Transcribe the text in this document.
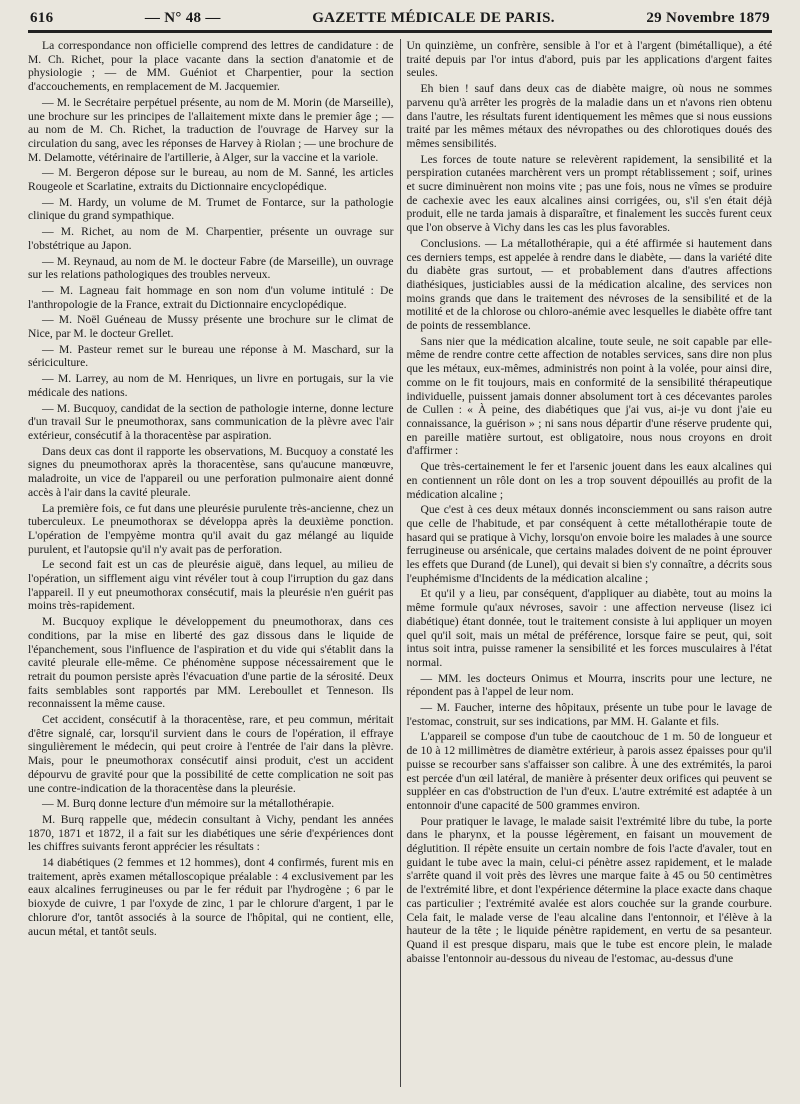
616	— N° 48 —	GAZETTE MÉDICALE DE PARIS.	29 Novembre 1879

La correspondance non officielle comprend des lettres de candidature : de M. Ch. Richet, pour la place vacante dans la section d'anatomie et de physiologie ; — de MM. Guéniot et Charpentier, pour la section d'accouchements, en remplacement de M. Jacquemier.

— M. le Secrétaire perpétuel présente, au nom de M. Morin (de Marseille), une brochure sur les principes de l'allaitement mixte dans le premier âge ; — au nom de M. Ch. Richet, la traduction de l'ouvrage de Harvey sur la circulation du sang, avec les réponses de Harvey à Riolan ; — une brochure de M. Delamotte, vétérinaire de l'artillerie, à Alger, sur la vaccine et la variole.

— M. Bergeron dépose sur le bureau, au nom de M. Sanné, les articles Rougeole et Scarlatine, extraits du Dictionnaire encyclopédique.

— M. Hardy, un volume de M. Trumet de Fontarce, sur la pathologie clinique du grand sympathique.

— M. Richet, au nom de M. Charpentier, présente un ouvrage sur l'obstétrique au Japon.

— M. Reynaud, au nom de M. le docteur Fabre (de Marseille), un ouvrage sur les relations pathologiques des troubles nerveux.

— M. Lagneau fait hommage en son nom d'un volume intitulé : De l'anthropologie de la France, extrait du Dictionnaire encyclopédique.

— M. Noël Guéneau de Mussy présente une brochure sur le climat de Nice, par M. le docteur Grellet.

— M. Pasteur remet sur le bureau une réponse à M. Maschard, sur la sériciculture.

— M. Larrey, au nom de M. Henriques, un livre en portugais, sur la vie médicale des nations.

— M. Bucquoy, candidat de la section de pathologie interne, donne lecture d'un travail Sur le pneumothorax, sans communication de la plèvre avec l'air extérieur, consécutif à la thoracentèse par aspiration.

Dans deux cas dont il rapporte les observations, M. Bucquoy a constaté les signes du pneumothorax après la thoracentèse, sans qu'aucune manœuvre, maladroite, un vice de l'appareil ou une perforation pulmonaire aient donné accès à l'air dans la cavité pleurale.

La première fois, ce fut dans une pleurésie purulente très-ancienne, chez un tuberculeux. Le pneumothorax se développa après la deuxième ponction. L'opération de l'empyème montra qu'il avait du gaz mélangé au liquide purulent, et l'autopsie qu'il n'y avait pas de perforation.

Le second fait est un cas de pleurésie aiguë, dans lequel, au milieu de l'opération, un sifflement aigu vint révéler tout à coup l'irruption du gaz dans l'appareil. Il y eut pneumothorax consécutif, mais la pleurésie n'en guérit pas moins très-rapidement.

M. Bucquoy explique le développement du pneumothorax, dans ces conditions, par la mise en liberté des gaz dissous dans le liquide de l'épanchement, sous l'influence de l'aspiration et du vide qui s'établit dans la cavité pleurale elle-même. Ce phénomène suppose nécessairement que le retrait du poumon persiste après l'évacuation d'une partie de la sérosité. Deux faits semblables sont rapportés par MM. Lereboullet et Tenneson. Ils reconnaissent la même cause.

Cet accident, consécutif à la thoracentèse, rare, et peu commun, méritait d'être signalé, car, lorsqu'il survient dans le cours de l'opération, il effraye singulièrement le médecin, qui peut croire à l'entrée de l'air dans la plèvre. Mais, pour le pneumothorax consécutif ainsi produit, c'est un accident dépourvu de gravité pour que la possibilité de cette complication ne soit pas une contre-indication de la thoracentèse dans la pleurésie.

— M. Burq donne lecture d'un mémoire sur la métallothérapie.

M. Burq rappelle que, médecin consultant à Vichy, pendant les années 1870, 1871 et 1872, il a fait sur les diabétiques une série d'expériences dont les chiffres suivants feront apprécier les résultats :

14 diabétiques (2 femmes et 12 hommes), dont 4 confirmés, furent mis en traitement, après examen métalloscopique préalable : 4 exclusivement par les eaux alcalines ferrugineuses ou par le fer réduit par l'hydrogène ; 6 par le bioxyde de cuivre, 1 par l'oxyde de zinc, 1 par le chlorure d'argent, 1 par le chlorure d'or, tantôt associés à la source de l'hôpital, qui ne contient, elle, aucun métal, et tantôt seuls.

Un quinzième, un confrère, sensible à l'or et à l'argent (bimétallique), a été traité depuis par l'or intus d'abord, puis par les applications d'argent faites seules.

Eh bien ! sauf dans deux cas de diabète maigre, où nous ne sommes parvenu qu'à arrêter les progrès de la maladie dans un et n'avons rien obtenu dans l'autre, les résultats furent identiquement les mêmes que si nous eussions traité par les mêmes métaux des névropathes ou des chlorotiques doués des mêmes sensibilités.

Les forces de toute nature se relevèrent rapidement, la sensibilité et la perspiration cutanées marchèrent vers un prompt rétablissement ; soif, urines et sucre diminuèrent non moins vite ; pas une fois, nous ne vîmes se produire de cachexie avec les eaux alcalines ainsi corrigées, ou, s'il s'en était déjà produit, elle ne tarda jamais à disparaître, et finalement les succès furent ceux que l'on observe à Vichy dans les cas les plus favorables.

Conclusions. — La métallothérapie, qui a été affirmée si hautement dans ces derniers temps, est appelée à rendre dans le diabète, — dans la variété dite du diabète gras surtout, — et probablement dans d'autres affections diathésiques, justiciables aussi de la médication alcaline, des services non moins grands que dans le traitement des névroses de la sensibilité et de la motilité et de la chlorose ou chloro-anémie avec lesquelles le diabète offre tant de points de ressemblance.

Sans nier que la médication alcaline, toute seule, ne soit capable par elle-même de rendre contre cette affection de notables services, sans dire non plus que les métaux, eux-mêmes, administrés non point à la volée, pour ainsi dire, comme on le fit toujours, mais en conformité de la sensibilité thérapeutique individuelle, puissent jamais donner absolument tort à ces décevantes paroles de Cullen : « À peine, des diabétiques que j'ai vus, ai-je vu dont j'aie eu connaissance, la guérison » ; ni sans nous départir d'une réserve prudente qui, en pareille matière surtout, est obligatoire, nous nous croyons en droit d'affirmer :

Que très-certainement le fer et l'arsenic jouent dans les eaux alcalines qui en contiennent un rôle dont on les a trop souvent dépouillés au profit de la médication alcaline ;

Que c'est à ces deux métaux donnés inconsciemment ou sans raison autre que celle de l'habitude, et par conséquent à cette métallothérapie toute de hasard qui se pratique à Vichy, lorsqu'on envoie boire les malades à une source ferrugineuse ou arsénicale, que certains malades doivent de ne point éprouver les effets que Durand (de Lunel), qui devait si bien s'y connaître, a décrits sous l'euphémisme d'Incidents de la médication alcaline ;

Et qu'il y a lieu, par conséquent, d'appliquer au diabète, tout au moins la même formule qu'aux névroses, savoir : une affection nerveuse (lisez ici diabétique) étant donnée, tout le traitement consiste à lui appliquer un moyen quel qu'il soit, mais un métal de préférence, lorsque faire se peut, qui, soit intus soit intra, puisse ramener la sensibilité et les forces musculaires à l'état normal.

— MM. les docteurs Onimus et Mourra, inscrits pour une lecture, ne répondent pas à l'appel de leur nom.

— M. Faucher, interne des hôpitaux, présente un tube pour le lavage de l'estomac, construit, sur ses indications, par MM. H. Galante et fils.

L'appareil se compose d'un tube de caoutchouc de 1 m. 50 de longueur et de 10 à 12 millimètres de diamètre extérieur, à parois assez épaisses pour qu'il puisse se recourber sans s'affaisser son calibre. À une des extrémités, la paroi est percée d'un œil latéral, de manière à présenter deux orifices qui peuvent se suppléer en cas d'obstruction de l'un d'eux. L'autre extrémité est adaptée à un entonnoir d'une capacité de 500 grammes environ.

Pour pratiquer le lavage, le malade saisit l'extrémité libre du tube, la porte dans le pharynx, et la pousse légèrement, en faisant un mouvement de déglutition. Il répète ensuite un certain nombre de fois l'acte d'avaler, tout en guidant le tube avec la main, celui-ci pénètre assez rapidement, et le malade s'arrête quand il voit près des lèvres une marque faite à 45 ou 50 centimètres de l'extrémité libre, et dont l'expérience détermine la place exacte dans chaque cas particulier ; l'extrémité avalée est alors couchée sur la grande courbure. Cela fait, le malade verse de l'eau alcaline dans l'entonnoir, et l'élève à la hauteur de la tête ; le liquide pénètre rapidement, en vertu de sa pesanteur. Quand il est presque disparu, mais que le tube est encore plein, le malade abaisse l'entonnoir au-dessous du niveau de l'estomac, au-dessus d'une
